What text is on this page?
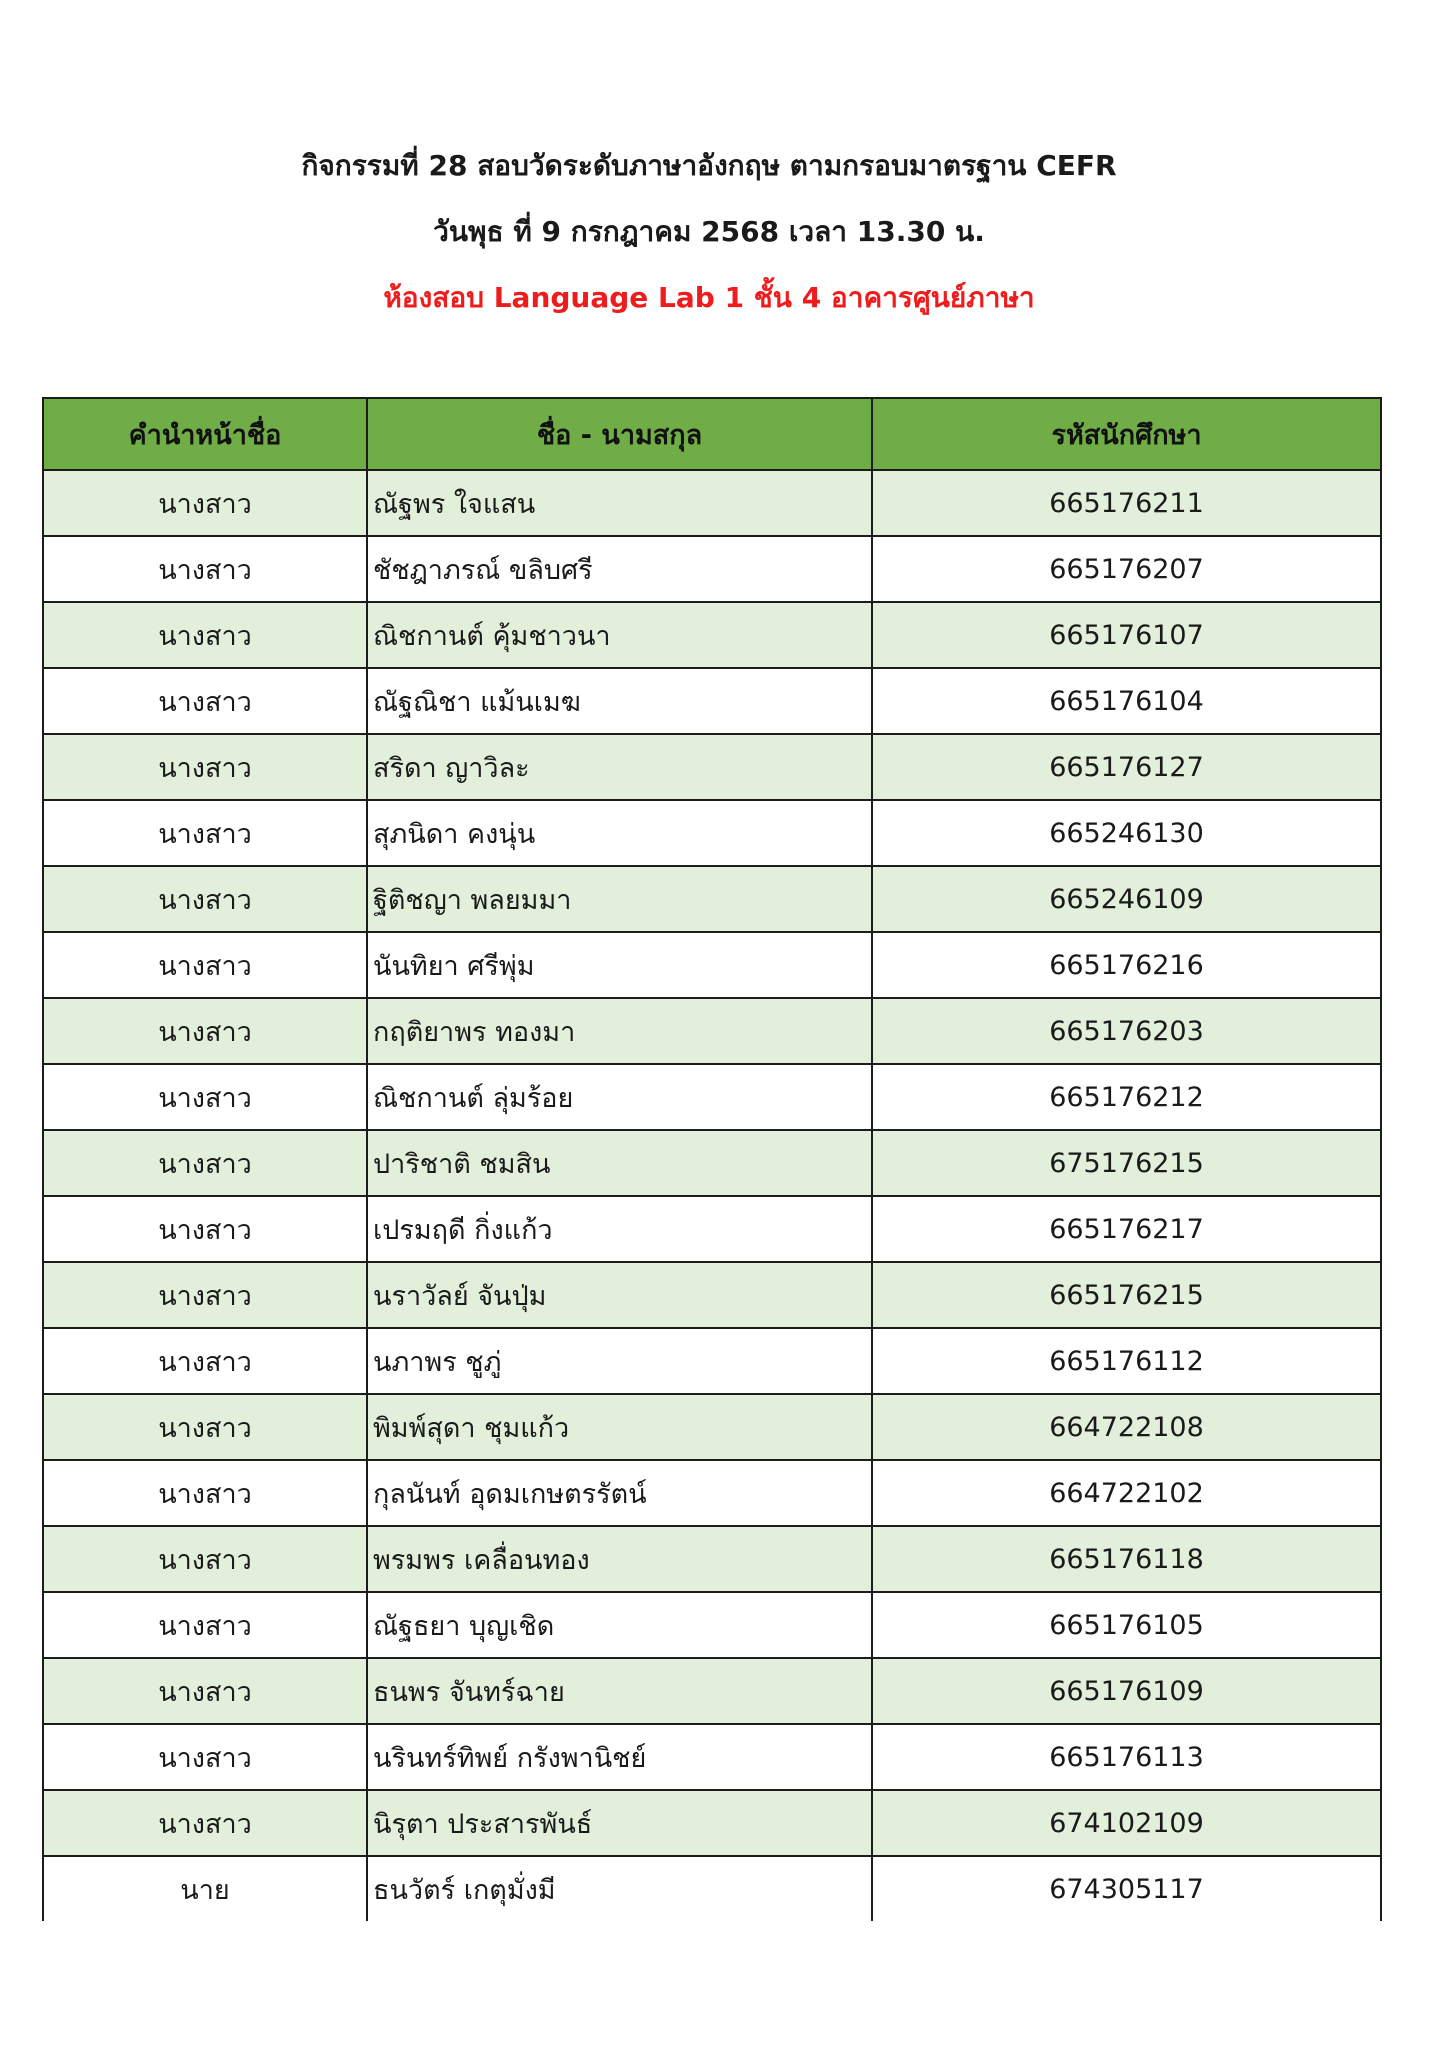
กิจกรรมที่ 28 สอบวัดระดับภาษาอังกฤษ ตามกรอบมาตรฐาน CEFR
วันพุธ ที่ 9 กรกฎาคม 2568 เวลา 13.30 น.
ห้องสอบ Language Lab 1 ชั้น 4 อาคารศูนย์ภาษา
คำนำหน้าชื่อ	ชื่อ - นามสกุล	รหัสนักศึกษา
นางสาว	ณัฐพร ใจแสน	665176211
นางสาว	ชัชฎาภรณ์ ขลิบศรี	665176207
นางสาว	ณิชกานต์ คุ้มชาวนา	665176107
นางสาว	ณัฐณิชา แม้นเมฆ	665176104
นางสาว	สริดา ญาวิละ	665176127
นางสาว	สุภนิดา คงนุ่น	665246130
นางสาว	ฐิติชญา พลยมมา	665246109
นางสาว	นันทิยา ศรีพุ่ม	665176216
นางสาว	กฤติยาพร ทองมา	665176203
นางสาว	ณิชกานต์ ลุ่มร้อย	665176212
นางสาว	ปาริชาติ ชมสิน	675176215
นางสาว	เปรมฤดี กิ่งแก้ว	665176217
นางสาว	นราวัลย์ จันปุ่ม	665176215
นางสาว	นภาพร ชูภู่	665176112
นางสาว	พิมพ์สุดา ชุมแก้ว	664722108
นางสาว	กุลนันท์ อุดมเกษตรรัตน์	664722102
นางสาว	พรมพร เคลื่อนทอง	665176118
นางสาว	ณัฐธยา บุญเชิด	665176105
นางสาว	ธนพร จันทร์ฉาย	665176109
นางสาว	นรินทร์ทิพย์ กรังพานิชย์	665176113
นางสาว	นิรุตา ประสารพันธ์	674102109
นาย	ธนวัตร์ เกตุมั่งมี	674305117
